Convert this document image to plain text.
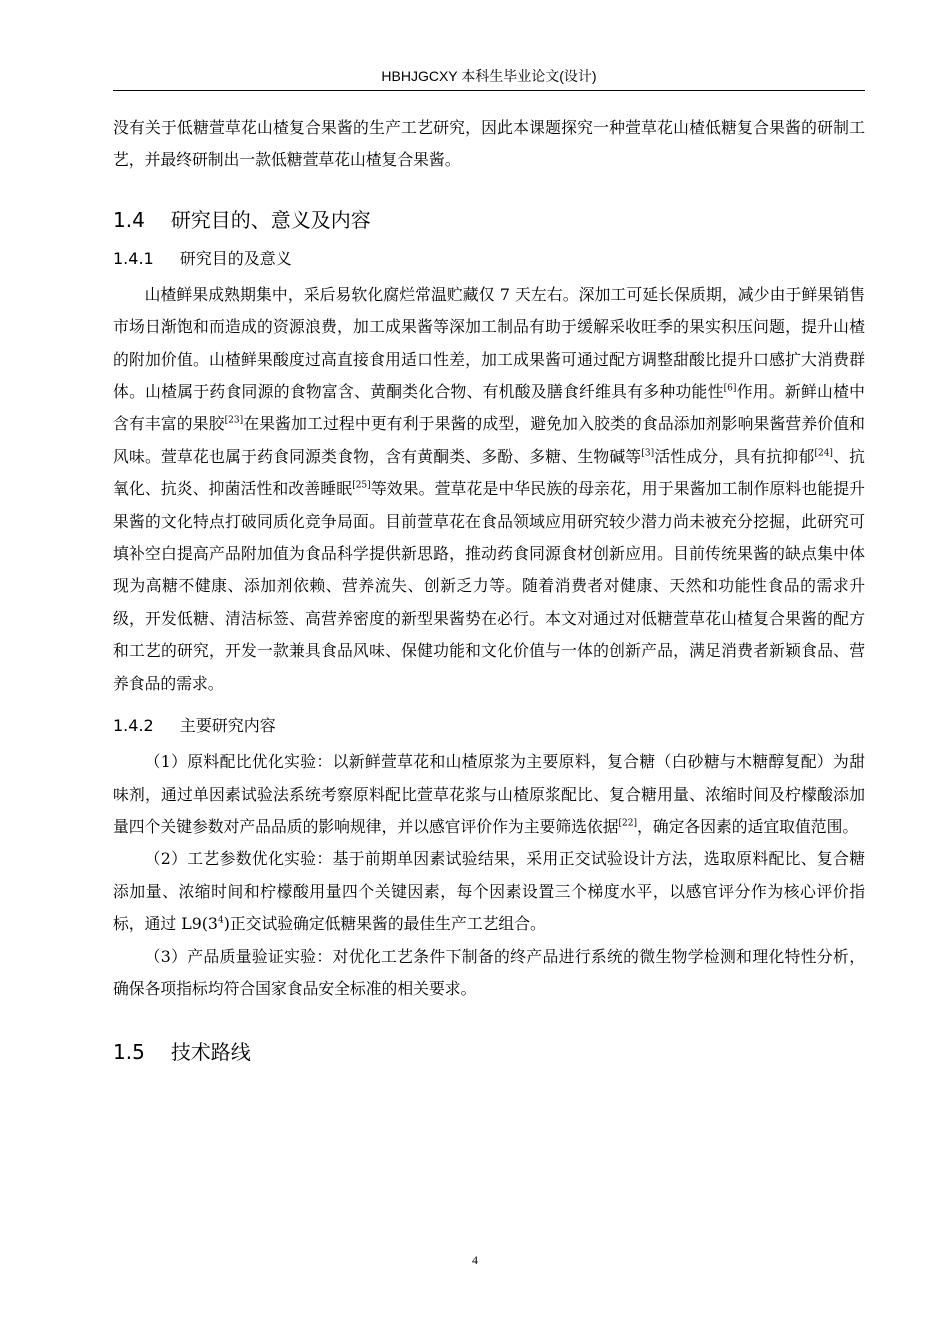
HBHJGCXY 本科生毕业论文(设计)

没有关于低糖萱草花山楂复合果酱的生产工艺研究，因此本课题探究一种萱草花山楂低糖复合果酱的研制工艺，并最终研制出一款低糖萱草花山楂复合果酱。

1.4 研究目的、意义及内容
1.4.1 研究目的及意义

山楂鲜果成熟期集中，采后易软化腐烂常温贮藏仅 7 天左右。深加工可延长保质期，减少由于鲜果销售市场日渐饱和而造成的资源浪费，加工成果酱等深加工制品有助于缓解采收旺季的果实积压问题，提升山楂的附加价值。山楂鲜果酸度过高直接食用适口性差，加工成果酱可通过配方调整甜酸比提升口感扩大消费群体。山楂属于药食同源的食物富含、黄酮类化合物、有机酸及膳食纤维具有多种功能性[6]作用。新鲜山楂中含有丰富的果胶[23]在果酱加工过程中更有利于果酱的成型，避免加入胶类的食品添加剂影响果酱营养价值和风味。萱草花也属于药食同源类食物，含有黄酮类、多酚、多糖、生物碱等[3]活性成分，具有抗抑郁[24]、抗氧化、抗炎、抑菌活性和改善睡眠[25]等效果。萱草花是中华民族的母亲花，用于果酱加工制作原料也能提升果酱的文化特点打破同质化竞争局面。目前萱草花在食品领域应用研究较少潜力尚未被充分挖掘，此研究可填补空白提高产品附加值为食品科学提供新思路，推动药食同源食材创新应用。目前传统果酱的缺点集中体现为高糖不健康、添加剂依赖、营养流失、创新乏力等。随着消费者对健康、天然和功能性食品的需求升级，开发低糖、清洁标签、高营养密度的新型果酱势在必行。本文对通过对低糖萱草花山楂复合果酱的配方和工艺的研究，开发一款兼具食品风味、保健功能和文化价值与一体的创新产品，满足消费者新颖食品、营养食品的需求。

1.4.2 主要研究内容

（1）原料配比优化实验：以新鲜萱草花和山楂原浆为主要原料，复合糖（白砂糖与木糖醇复配）为甜味剂，通过单因素试验法系统考察原料配比萱草花浆与山楂原浆配比、复合糖用量、浓缩时间及柠檬酸添加量四个关键参数对产品品质的影响规律，并以感官评价作为主要筛选依据[22]，确定各因素的适宜取值范围。

（2）工艺参数优化实验：基于前期单因素试验结果，采用正交试验设计方法，选取原料配比、复合糖添加量、浓缩时间和柠檬酸用量四个关键因素，每个因素设置三个梯度水平，以感官评分作为核心评价指标，通过 $L9(3^4)$正交试验确定低糖果酱的最佳生产工艺组合。

（3）产品质量验证实验：对优化工艺条件下制备的终产品进行系统的微生物学检测和理化特性分析，确保各项指标均符合国家食品安全标准的相关要求。

1.5 技术路线
4
